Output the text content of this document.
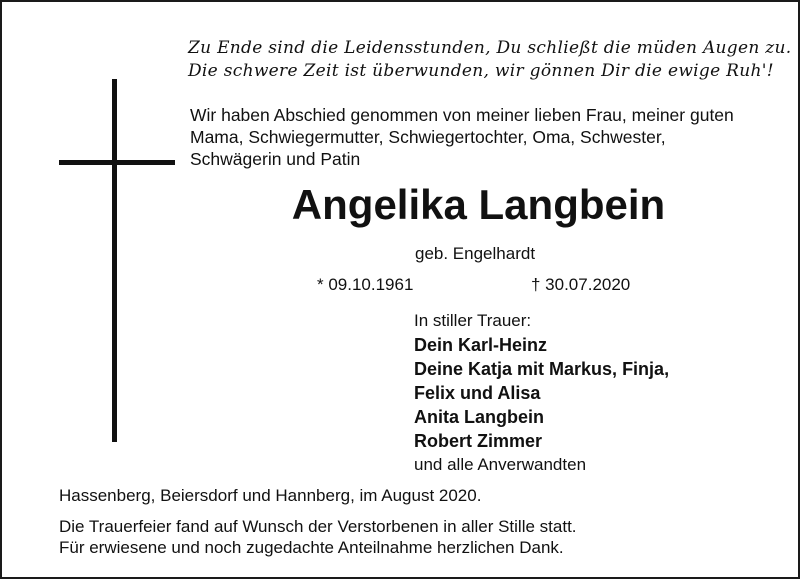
Zu Ende sind die Leidensstunden, Du schließt die müden Augen zu.
Die schwere Zeit ist überwunden, wir gönnen Dir die ewige Ruh'!
Wir haben Abschied genommen von meiner lieben Frau, meiner guten
Mama, Schwiegermutter, Schwiegertochter, Oma, Schwester,
Schwägerin und Patin
Angelika Langbein
geb. Engelhardt
* 09.10.1961	† 30.07.2020
In stiller Trauer:
Dein Karl-Heinz
Deine Katja mit Markus, Finja,
Felix und Alisa
Anita Langbein
Robert Zimmer
und alle Anverwandten
Hassenberg, Beiersdorf und Hannberg, im August 2020.
Die Trauerfeier fand auf Wunsch der Verstorbenen in aller Stille statt.
Für erwiesene und noch zugedachte Anteilnahme herzlichen Dank.
